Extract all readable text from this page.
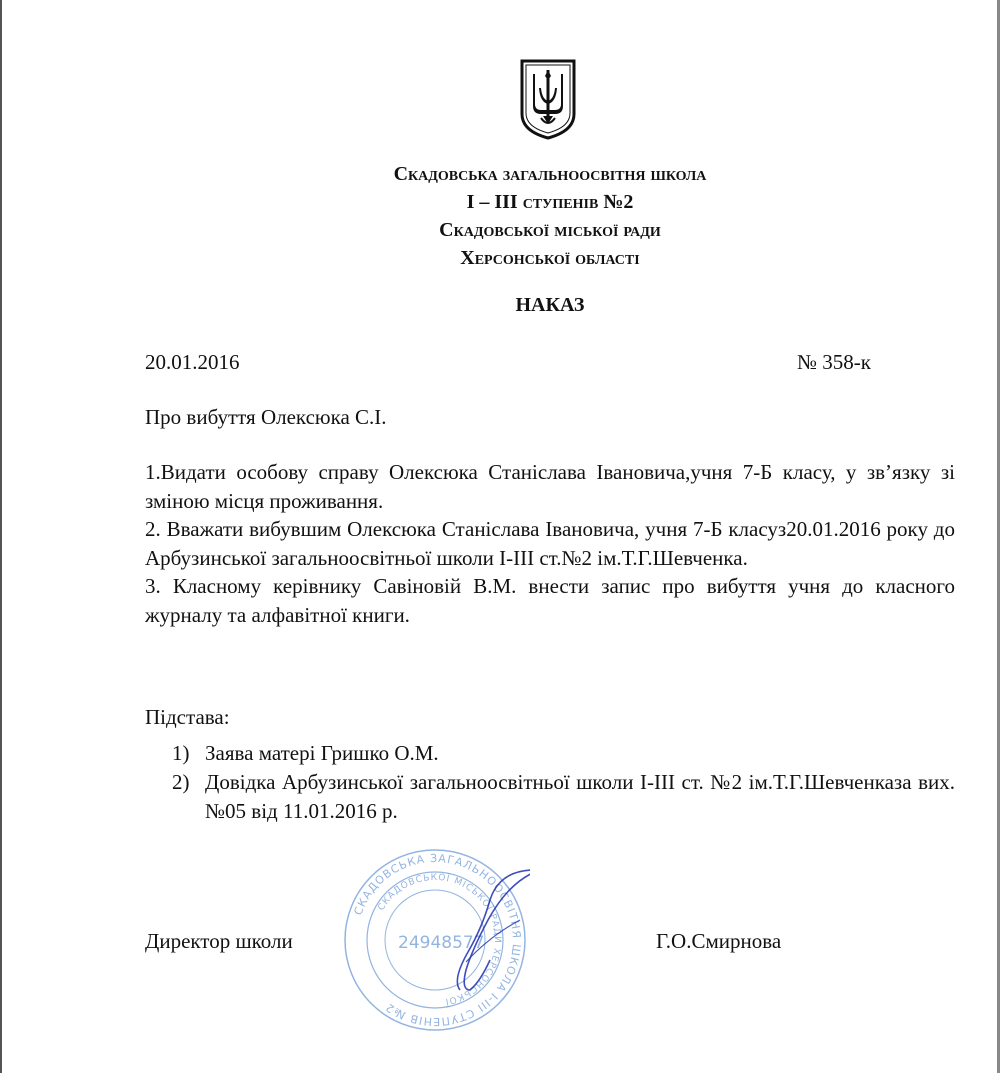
Скадовська загальноосвітня школа
І – ІІІ ступенів №2
Скадовської міської ради
Херсонської області
НАКАЗ
20.01.2016	№ 358-к
Про вибуття Олексюка С.І.

1.Видати особову справу Олексюка Станіслава Івановича,учня 7-Б класу, у зв’язку зі зміною місця проживання.

2. Вважати вибувшим Олексюка Станіслава Івановича, учня 7-Б класуз20.01.2016 року до Арбузинської загальноосвітньої школи І-ІІІ ст.№2 ім.Т.Г.Шевченка.

3. Класному керівнику Савіновій В.М. внести запис про вибуття учня до класного журналу та алфавітної книги.

Підстава:
1) Заява матері Гришко О.М.
2) Довідка Арбузинської загальноосвітньої школи І-ІІІ ст. №2 ім.Т.Г.Шевченказа вих. №05 від 11.01.2016 р.
Директор школи	Г.О.Смирнова
СКАДОВСЬКА ЗАГАЛЬНООСВІТНЯ ШКОЛА І-ІІІ СТУПЕНІВ №2
СКАДОВСЬКОЇ МІСЬКОЇ РАДИ ХЕРСОНСЬКОЇ
24948577
